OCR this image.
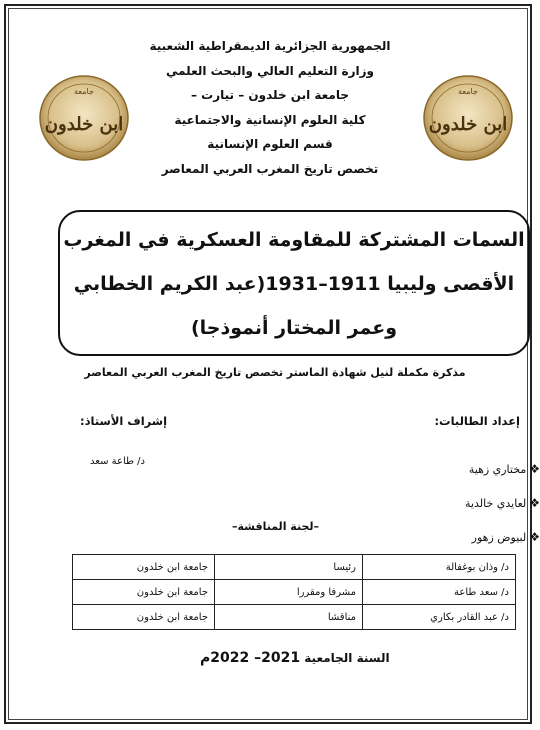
الجمهورية الجزائرية الديمقراطية الشعبية
وزارة التعليم العالي والبحث العلمي
جامعة ابن خلدون – تيارت –
كلية العلوم الإنسانية والاجتماعية
قسم العلوم الإنسانية
تخصص تاريخ المغرب العربي المعاصر
جامعة
ابن خلدون
جامعة
ابن خلدون
السمات المشتركة للمقاومة العسكرية في المغرب
الأقصى وليبيا 1911–1931(عبد الكريم الخطابي
وعمر المختار أنموذجا)
مذكرة مكملة لنيل شهادة الماستر تخصص تاريخ المغرب العربي المعاصر
إعداد الطالبات:
إشراف الأستاذ:
❖
مختاري زهية
❖
لعايدي خالدية
❖
لبيوض زهور
د/ طاعة سعد
–لجنة المناقشة–
د/ وذان بوغفالة	رئيسا	جامعة ابن خلدون
د/ سعد طاعة	مشرفا ومقررا	جامعة ابن خلدون
د/ عبد القادر بكاري	مناقشا	جامعة ابن خلدون
السنة الجامعية 2021– 2022م
